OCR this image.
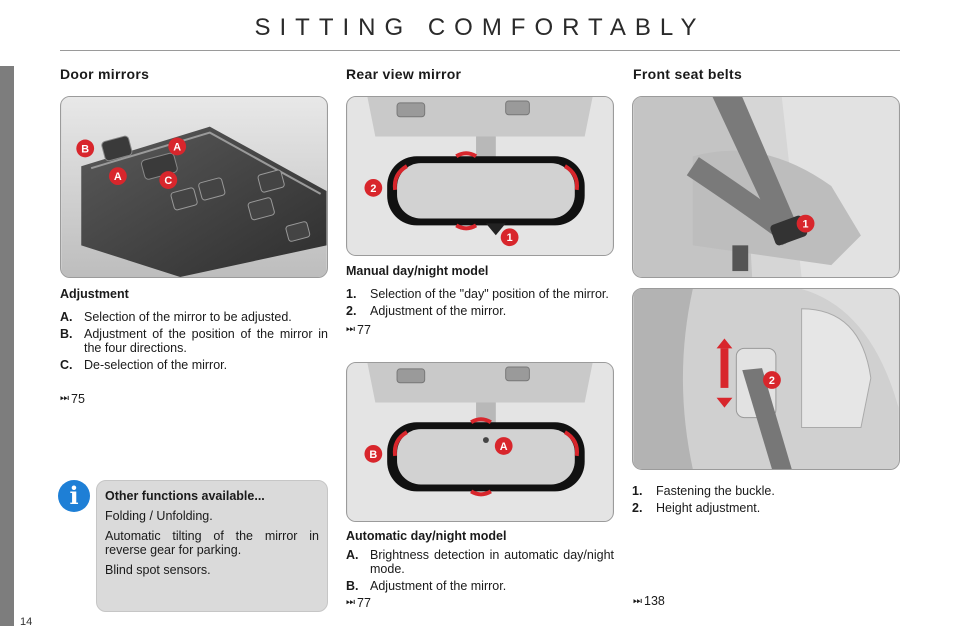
SITTING COMFORTABLY
Door mirrors
B	A
A	C
Adjustment
A. Selection of the mirror to be adjusted.
B. Adjustment of the position of the mirror in the four directions.
C. De-selection of the mirror.
⏭ 75
i	Other functions available...

Folding / Unfolding.

Automatic tilting of the mirror in reverse gear for parking.

Blind spot sensors.

Rear view mirror
2
1
Manual day/night model
1.	Selection of the "day" position of the mirror.
2.	Adjustment of the mirror.
⏭ 77
B
A
Automatic day/night model
A. Brightness detection in automatic day/night mode.
B. Adjustment of the mirror.
⏭ 77
Front seat belts
1
2
1.	Fastening the buckle.
2.	Height adjustment.
⏭ 138
14
